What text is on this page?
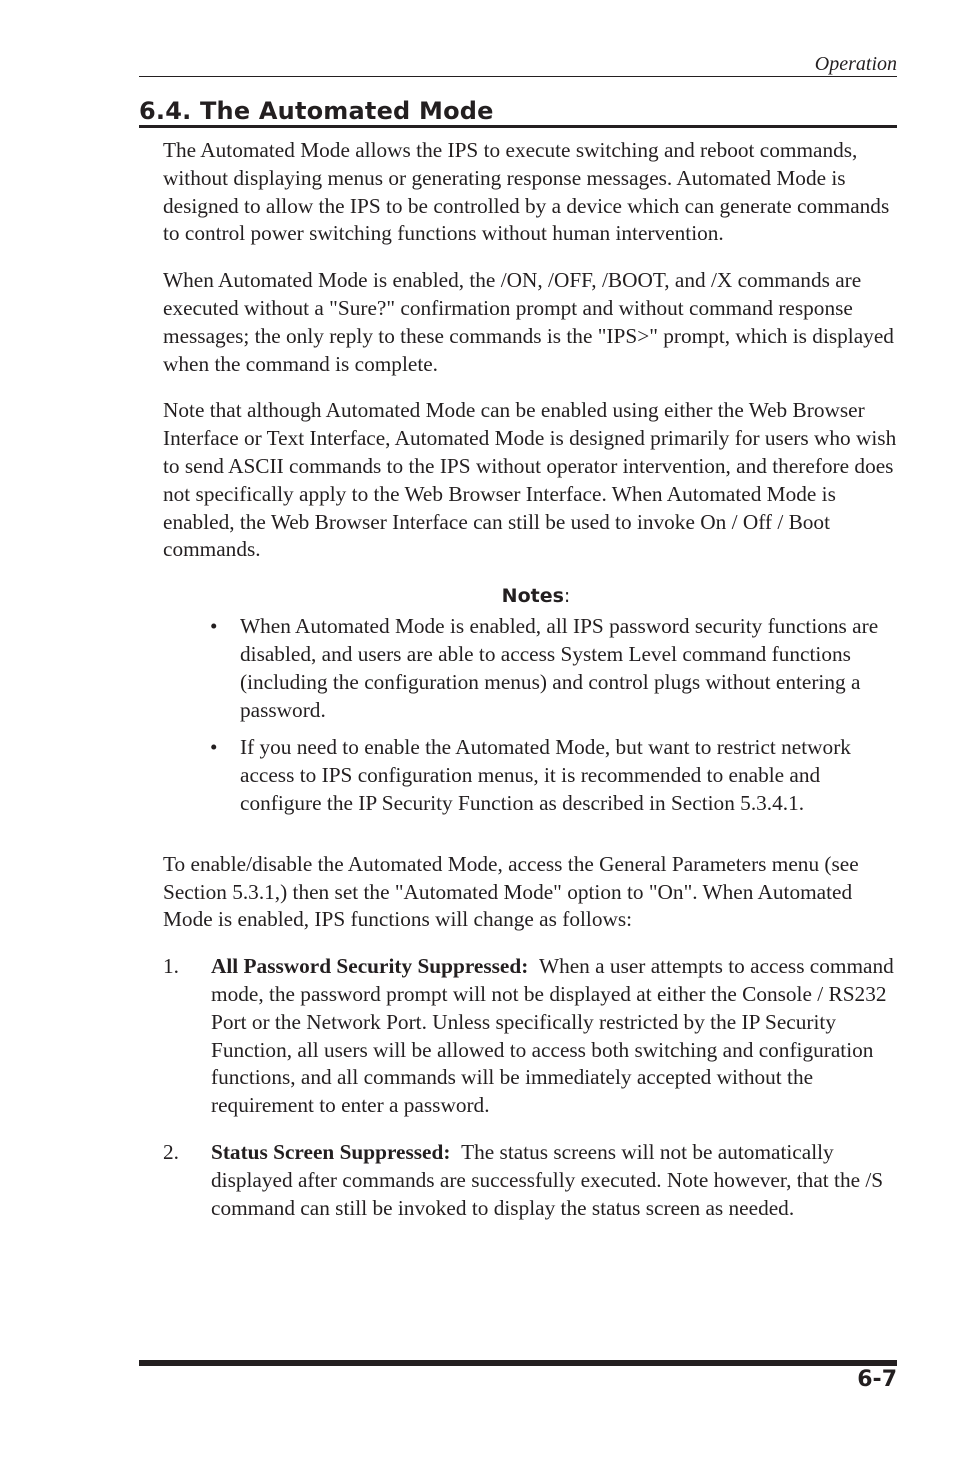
Operation
6.4. The Automated Mode

The Automated Mode allows the IPS to execute switching and reboot commands, without displaying menus or generating response messages. Automated Mode is designed to allow the IPS to be controlled by a device which can generate commands to control power switching functions without human intervention.

When Automated Mode is enabled, the /ON, /OFF, /BOOT, and /X commands are executed without a "Sure?" confirmation prompt and without command response messages; the only reply to these commands is the "IPS>" prompt, which is displayed when the command is complete.

Note that although Automated Mode can be enabled using either the Web Browser Interface or Text Interface, Automated Mode is designed primarily for users who wish to send ASCII commands to the IPS without operator intervention, and therefore does not specifically apply to the Web Browser Interface. When Automated Mode is enabled, the Web Browser Interface can still be used to invoke On / Off / Boot commands.

Notes:
• When Automated Mode is enabled, all IPS password security functions are disabled, and users are able to access System Level command functions (including the configuration menus) and control plugs without entering a password.
• If you need to enable the Automated Mode, but want to restrict network access to IPS configuration menus, it is recommended to enable and configure the IP Security Function as described in Section 5.3.4.1.

To enable/disable the Automated Mode, access the General Parameters menu (see Section 5.3.1,) then set the "Automated Mode" option to "On". When Automated Mode is enabled, IPS functions will change as follows:

1. All Password Security Suppressed: When a user attempts to access command mode, the password prompt will not be displayed at either the Console / RS232 Port or the Network Port. Unless specifically restricted by the IP Security Function, all users will be allowed to access both switching and configuration functions, and all commands will be immediately accepted without the requirement to enter a password.
2. Status Screen Suppressed: The status screens will not be automatically displayed after commands are successfully executed. Note however, that the /S command can still be invoked to display the status screen as needed.
6-7
